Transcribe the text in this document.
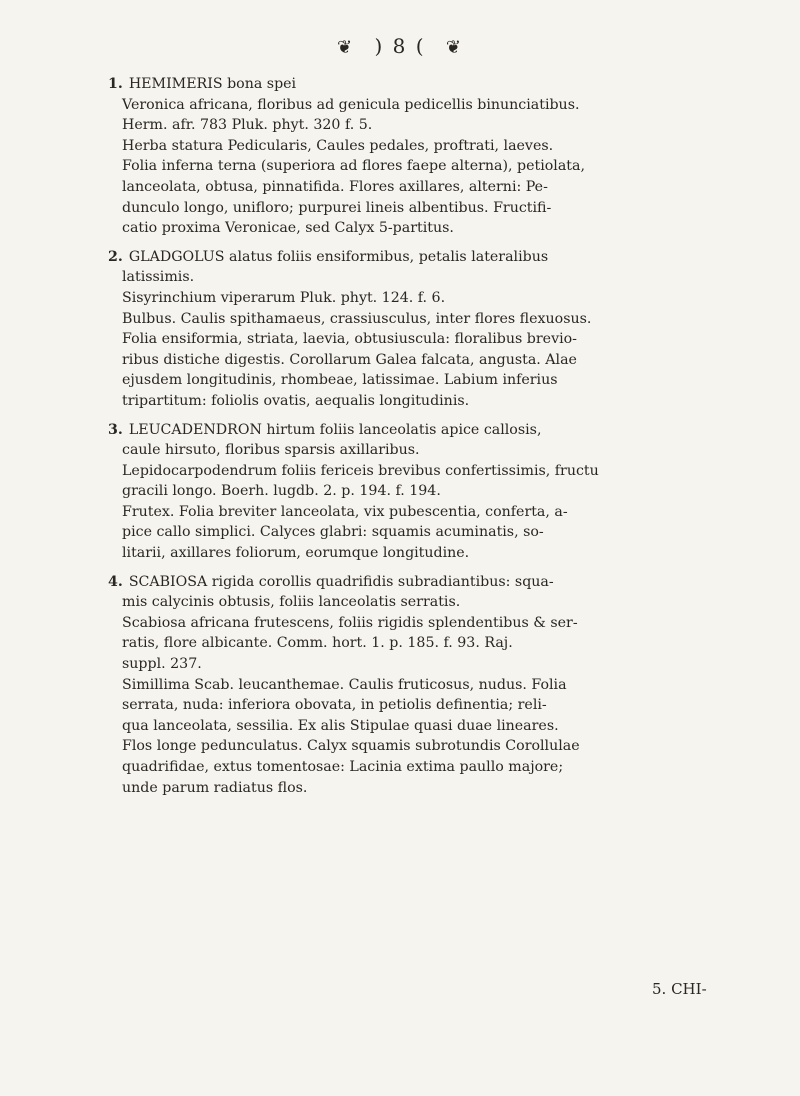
❦ ) 8 ( ❦
1. HEMIMERIS bona spei
Veronica africana, floribus ad genicula pedicellis binunciatibus.
Herm. afr. 783 Pluk. phyt. 320 f. 5.
Herba statura Pedicularis, Caules pedales, proftrati, laeves.
Folia inferna terna (superiora ad flores faepe alterna), petiolata,
lanceolata, obtusa, pinnatifida. Flores axillares, alterni: Pe-
dunculo longo, unifloro; purpurei lineis albentibus. Fructifi-
catio proxima Veronicae, sed Calyx 5-partitus.
2. GLADGOLUS alatus foliis ensiformibus, petalis lateralibus
latissimis.
Sisyrinchium viperarum Pluk. phyt. 124. f. 6.
Bulbus. Caulis spithamaeus, crassiusculus, inter flores flexuosus.
Folia ensiformia, striata, laevia, obtusiuscula: floralibus brevio-
ribus distiche digestis. Corollarum Galea falcata, angusta. Alae
ejusdem longitudinis, rhombeae, latissimae. Labium inferius
tripartitum: foliolis ovatis, aequalis longitudinis.
3. LEUCADENDRON hirtum foliis lanceolatis apice callosis,
caule hirsuto, floribus sparsis axillaribus.
Lepidocarpodendrum foliis fericeis brevibus confertissimis, fructu
gracili longo. Boerh. lugdb. 2. p. 194. f. 194.
Frutex. Folia breviter lanceolata, vix pubescentia, conferta, a-
pice callo simplici. Calyces glabri: squamis acuminatis, so-
litarii, axillares foliorum, eorumque longitudine.
4. SCABIOSA rigida corollis quadrifidis subradiantibus: squa-
mis calycinis obtusis, foliis lanceolatis serratis.
Scabiosa africana frutescens, foliis rigidis splendentibus & ser-
ratis, flore albicante. Comm. hort. 1. p. 185. f. 93. Raj.
suppl. 237.
Simillima Scab. leucanthemae. Caulis fruticosus, nudus. Folia
serrata, nuda: inferiora obovata, in petiolis definentia; reli-
qua lanceolata, sessilia. Ex alis Stipulae quasi duae lineares.
Flos longe pedunculatus. Calyx squamis subrotundis Corollulae
quadrifidae, extus tomentosae: Lacinia extima paullo majore;
unde parum radiatus flos.
5. CHI-
